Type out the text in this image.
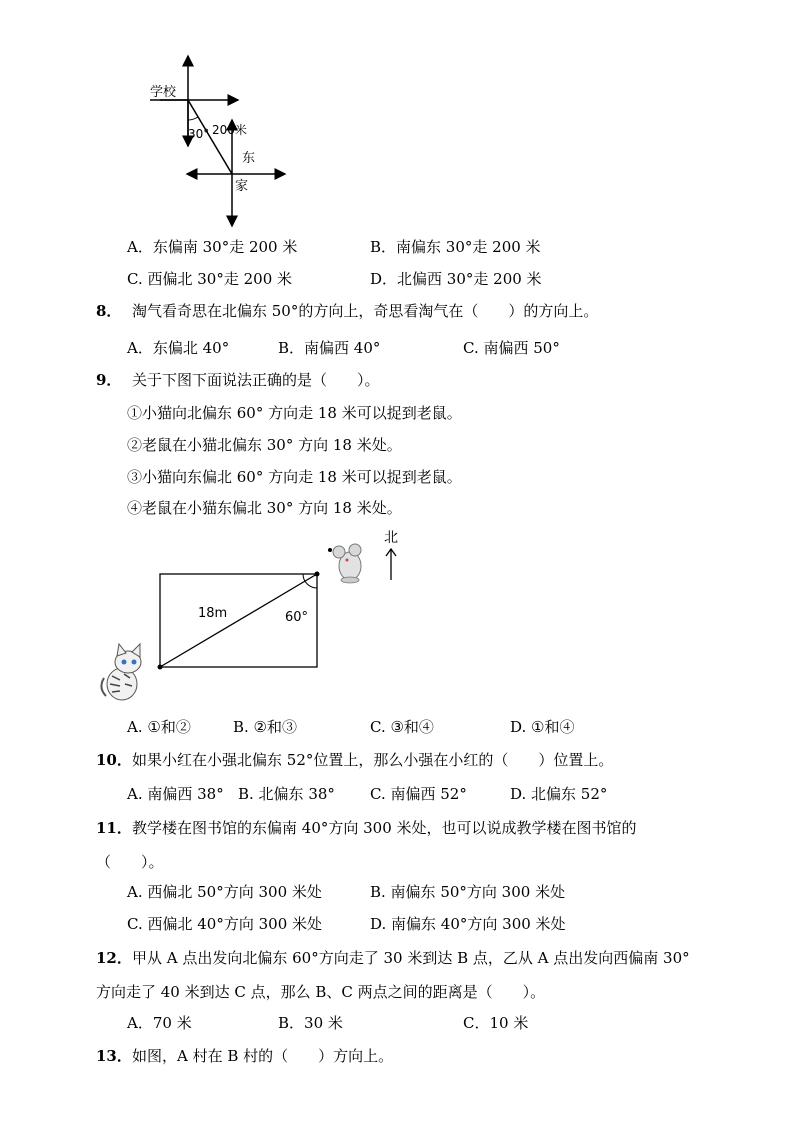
学校
30° 200米
东
家
A．东偏南 30°走 200 米	B．南偏东 30°走 200 米
C. 西偏北 30°走 200 米	D．北偏西 30°走 200 米
8． 淘气看奇思在北偏东 50°的方向上，奇思看淘气在（　　）的方向上。
A．东偏北 40°	B．南偏西 40°	C. 南偏西 50°
9． 关于下图下面说法正确的是（　　）。
①小猫向北偏东 60° 方向走 18 米可以捉到老鼠。
②老鼠在小猫北偏东 30° 方向 18 米处。
③小猫向东偏北 60° 方向走 18 米可以捉到老鼠。
④老鼠在小猫东偏北 30° 方向 18 米处。
18m	60°
北
A. ①和②	B. ②和③	C. ③和④	D. ①和④
10． 如果小红在小强北偏东 52°位置上，那么小强在小红的（　　）位置上。
A. 南偏西 38° B. 北偏东 38° C. 南偏西 52°	D. 北偏东 52°
11． 教学楼在图书馆的东偏南 40°方向 300 米处，也可以说成教学楼在图书馆的
（　　）。
A. 西偏北 50°方向 300 米处	B. 南偏东 50°方向 300 米处
C. 西偏北 40°方向 300 米处	D. 南偏东 40°方向 300 米处
12． 甲从 A 点出发向北偏东 60°方向走了 30 米到达 B 点，乙从 A 点出发向西偏南 30°
方向走了 40 米到达 C 点，那么 B、C 两点之间的距离是（　　）。
A．70 米	B．30 米	C．10 米
13． 如图，A 村在 B 村的（　　）方向上。
